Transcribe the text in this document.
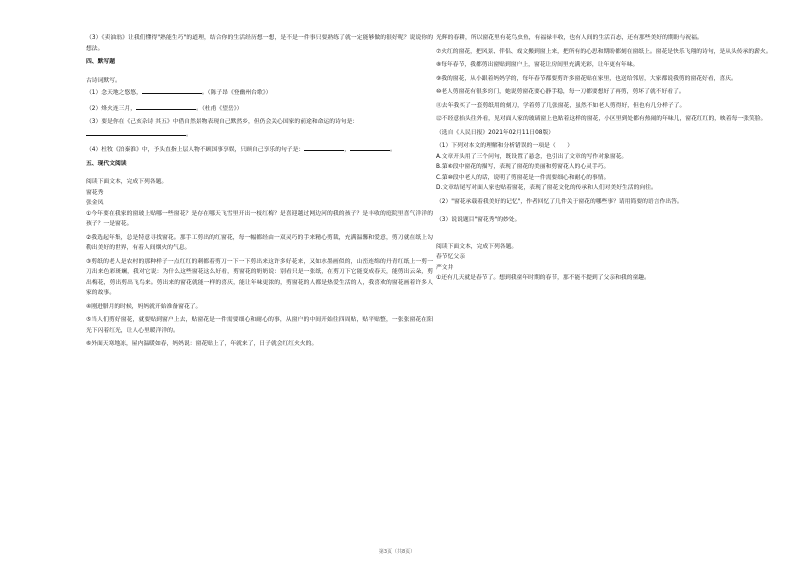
（3）《卖油翁》让我们懂得"熟能生巧"的道理，结合你的生活经历想一想，是不是一件事只要熟练了就一定能够做的很好呢？说说你的想法。

四、默写题

古诗词默写。

（1）念天地之悠悠，	。（陈子昂《登幽州台歌》）

（2）烽火连三月，	。（杜甫《望岳》）

（3）要是你在《己亥杂诗 其五》中借自然景物表现自己默然乡，但仍会关心国家的前途和命运的诗句是：

。

（4）杜牧《泊秦淮》中，予头直指上层人物不顾国事享娱，只顾自己享乐的句子是：	，	。

五、现代文阅读

阅读下面文本，完成下列各题。

窗花秀

张金凤

①今年要在我家的窗玻上贴哪一些窗花？是存在哪天飞雪里开出一枝红梅？是喜迎越过网边河的我的孩子？是丰收的庭院里喜气洋洋的孩子？一是窗花。

②我选起年集，总是特意寻找窗花。那手工剪出的红窗花，每一幅都经由一双灵巧的手来精心剪裁，充满温馨和爱意，剪刀就在纸上勾勒出美好的世界，有着人间烟火的气息。

③剪纸的老人是农村的那种样子一点红红的刺都着剪刀一下一下剪出来这许多好花来，又如水墨画似的，山峦连绵的丹青红纸上一剪一刀出来色彩斑斓，我对它说：为什么这些窗花这么好看，剪窗花的奶奶说：别看只是一张纸，在剪刀下它能变成春天，能剪出云朵，剪出梅花，剪出剪出飞鸟来。剪出来的窗花就能一样的喜庆，能让年味更浓的，剪窗花的人都是热爱生活的人，我喜欢的窗花画着许多人家的故事。

④刚进腊月的时候，妈妈就开始准备窗花了。

⑤当人们剪好窗花，就要贴到窗户上去，贴窗花是一件需要细心和耐心的事，从窗户的中间开始往四周贴，贴平贴整，一张张窗花在阳光下闪着红光，让人心里暖洋洋的。

⑥外面天寒地冻，屋内温暖如春，妈妈说：窗花贴上了，年就来了，日子就会红红火火的。

光辉的春耕，所以窗花里有花鸟虫鱼，有福禄丰收，也有人间的生活百态，还有那些美好的期盼与祝福。

⑦火红的窗花，把风景、伴侣、戏文搬到窗上来，把所有的心思和期盼都刻在窗纸上。窗花是快乐飞翔的诗句，是从头传承的薪火。

⑧每年春节，我都剪出窗贴到窗户上，窗花让房间里充满光彩，让年更有年味。

⑨我的窗花，从小跟着妈妈学的，每年春节都要剪许多窗花贴在家里，也送给邻居，大家都说我剪的窗花好看，喜庆。

⑩老人剪窗花有很多窍门，她说剪窗花要心静手稳，每一刀都要想好了再剪，剪坏了就不好看了。

⑪去年我买了一套剪纸用的刻刀，学着剪了几张窗花，虽然不如老人剪得好，但也有几分样子了。

⑫不经意抬头往外看，见对面人家的玻璃窗上也贴着这样的窗花，小区里到处都有热闹的年味儿，窗花红红的，映着每一张笑脸。

（选自《人民日报》2021年02月11日08版）

（1）下列对本文的理解和分析错误的一项是（　　）

A.文章开头用了三个问句，既设置了悬念，也引出了文章的写作对象窗花。

B.第⑥段中窗花的描写，表现了窗花的美丽和剪窗花人的心灵手巧。

C.第⑩段中老人的话，说明了剪窗花是一件需要细心和耐心的事情。

D.文章结尾写对面人家也贴着窗花，表现了窗花文化的传承和人们对美好生活的向往。

（2）"窗花承载着我美好的记忆"，作者回忆了几件关于窗花的哪些事？请用简要的语言作出答。

（3）说说题目"窗花秀"的妙处。

阅读下面文本，完成下列各题。

春节忆父亲

严文井

①还有几天就是春节了。想到我童年时期的春节，那不能不提到了父亲和我的童趣。

第3页（共8页）
